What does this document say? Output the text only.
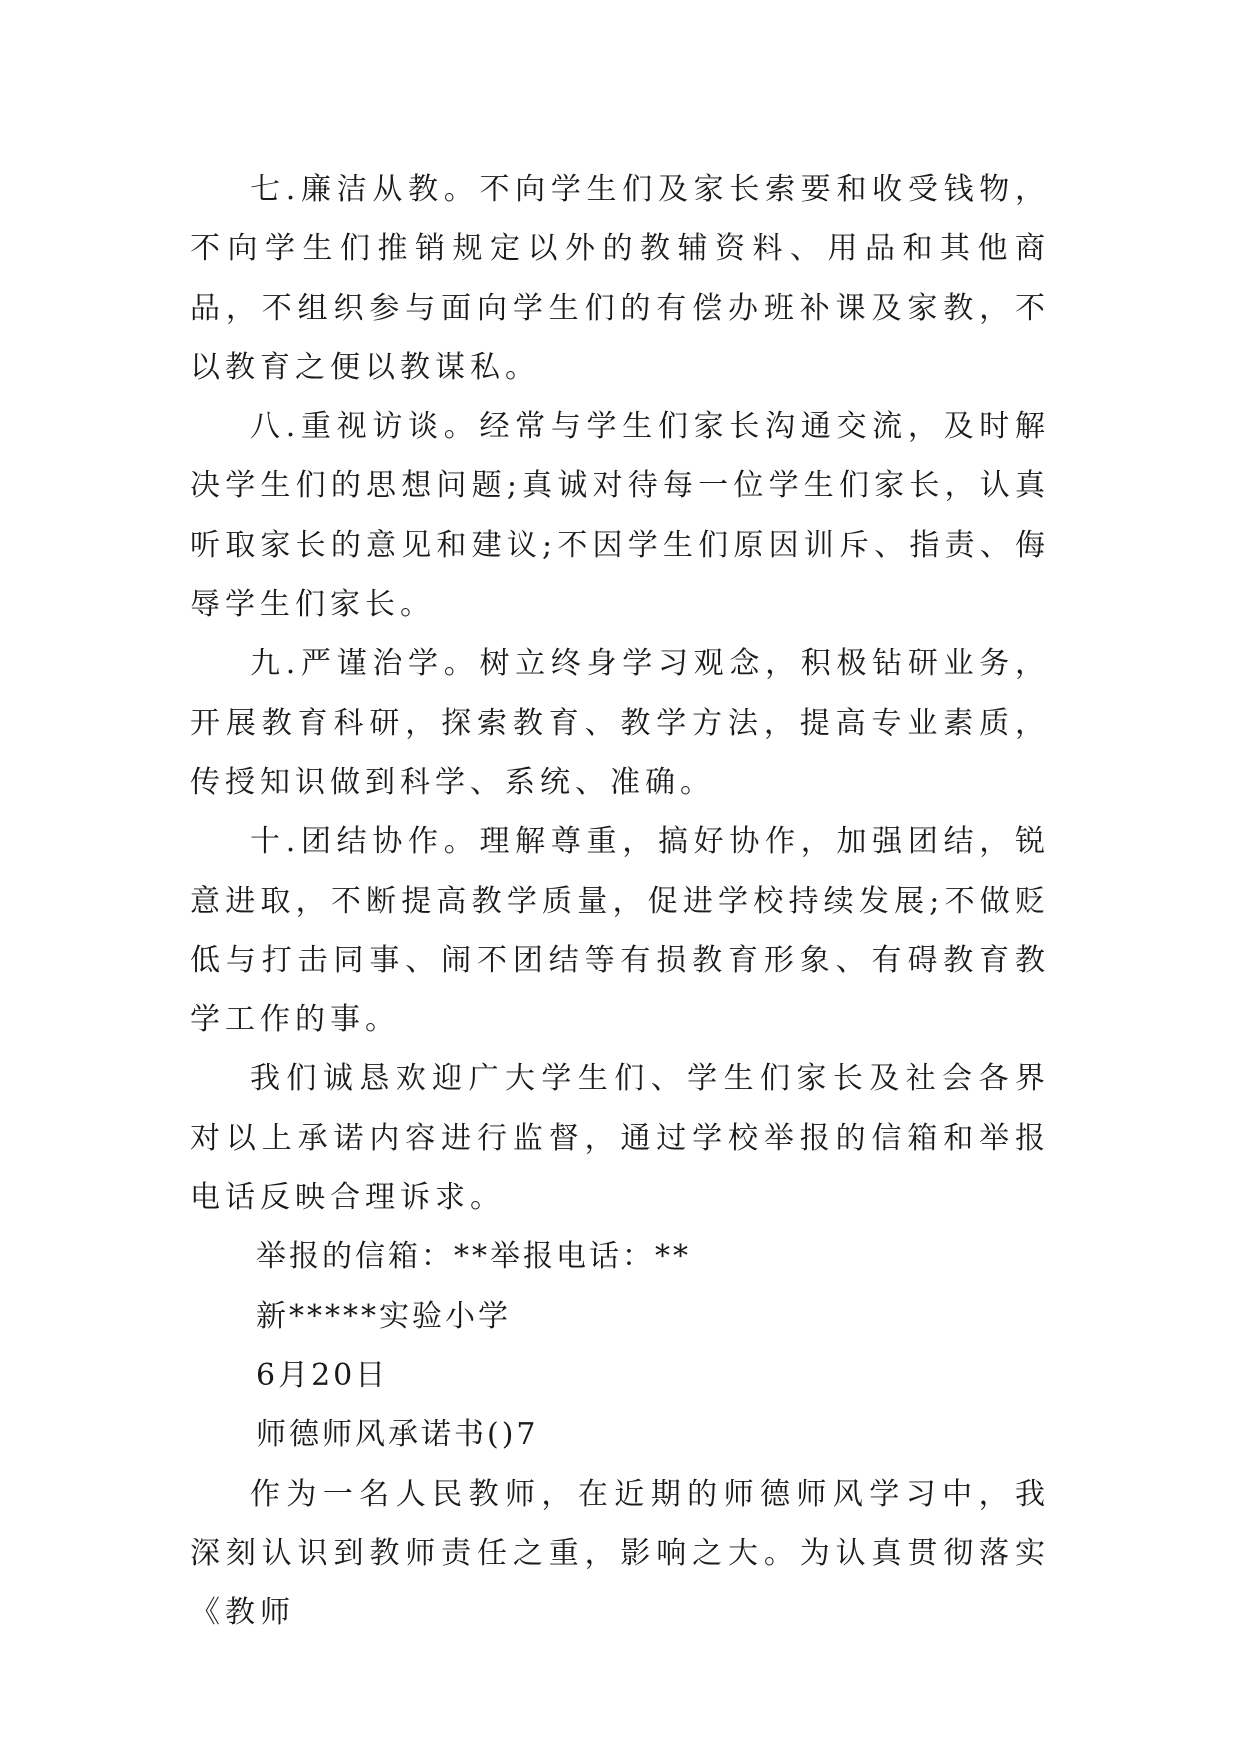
七.廉洁从教。不向学生们及家长索要和收受钱物，不向学生们推销规定以外的教辅资料、用品和其他商品，不组织参与面向学生们的有偿办班补课及家教，不以教育之便以教谋私。

八.重视访谈。经常与学生们家长沟通交流，及时解决学生们的思想问题;真诚对待每一位学生们家长，认真听取家长的意见和建议;不因学生们原因训斥、指责、侮辱学生们家长。

九.严谨治学。树立终身学习观念，积极钻研业务，开展教育科研，探索教育、教学方法，提高专业素质，传授知识做到科学、系统、准确。

十.团结协作。理解尊重，搞好协作，加强团结，锐意进取，不断提高教学质量，促进学校持续发展;不做贬低与打击同事、闹不团结等有损教育形象、有碍教育教学工作的事。

我们诚恳欢迎广大学生们、学生们家长及社会各界对以上承诺内容进行监督，通过学校举报的信箱和举报电话反映合理诉求。

举报的信箱：**举报电话：**

新*****实验小学

6月20日

师德师风承诺书()7

作为一名人民教师，在近期的师德师风学习中，我深刻认识到教师责任之重，影响之大。为认真贯彻落实《教师
